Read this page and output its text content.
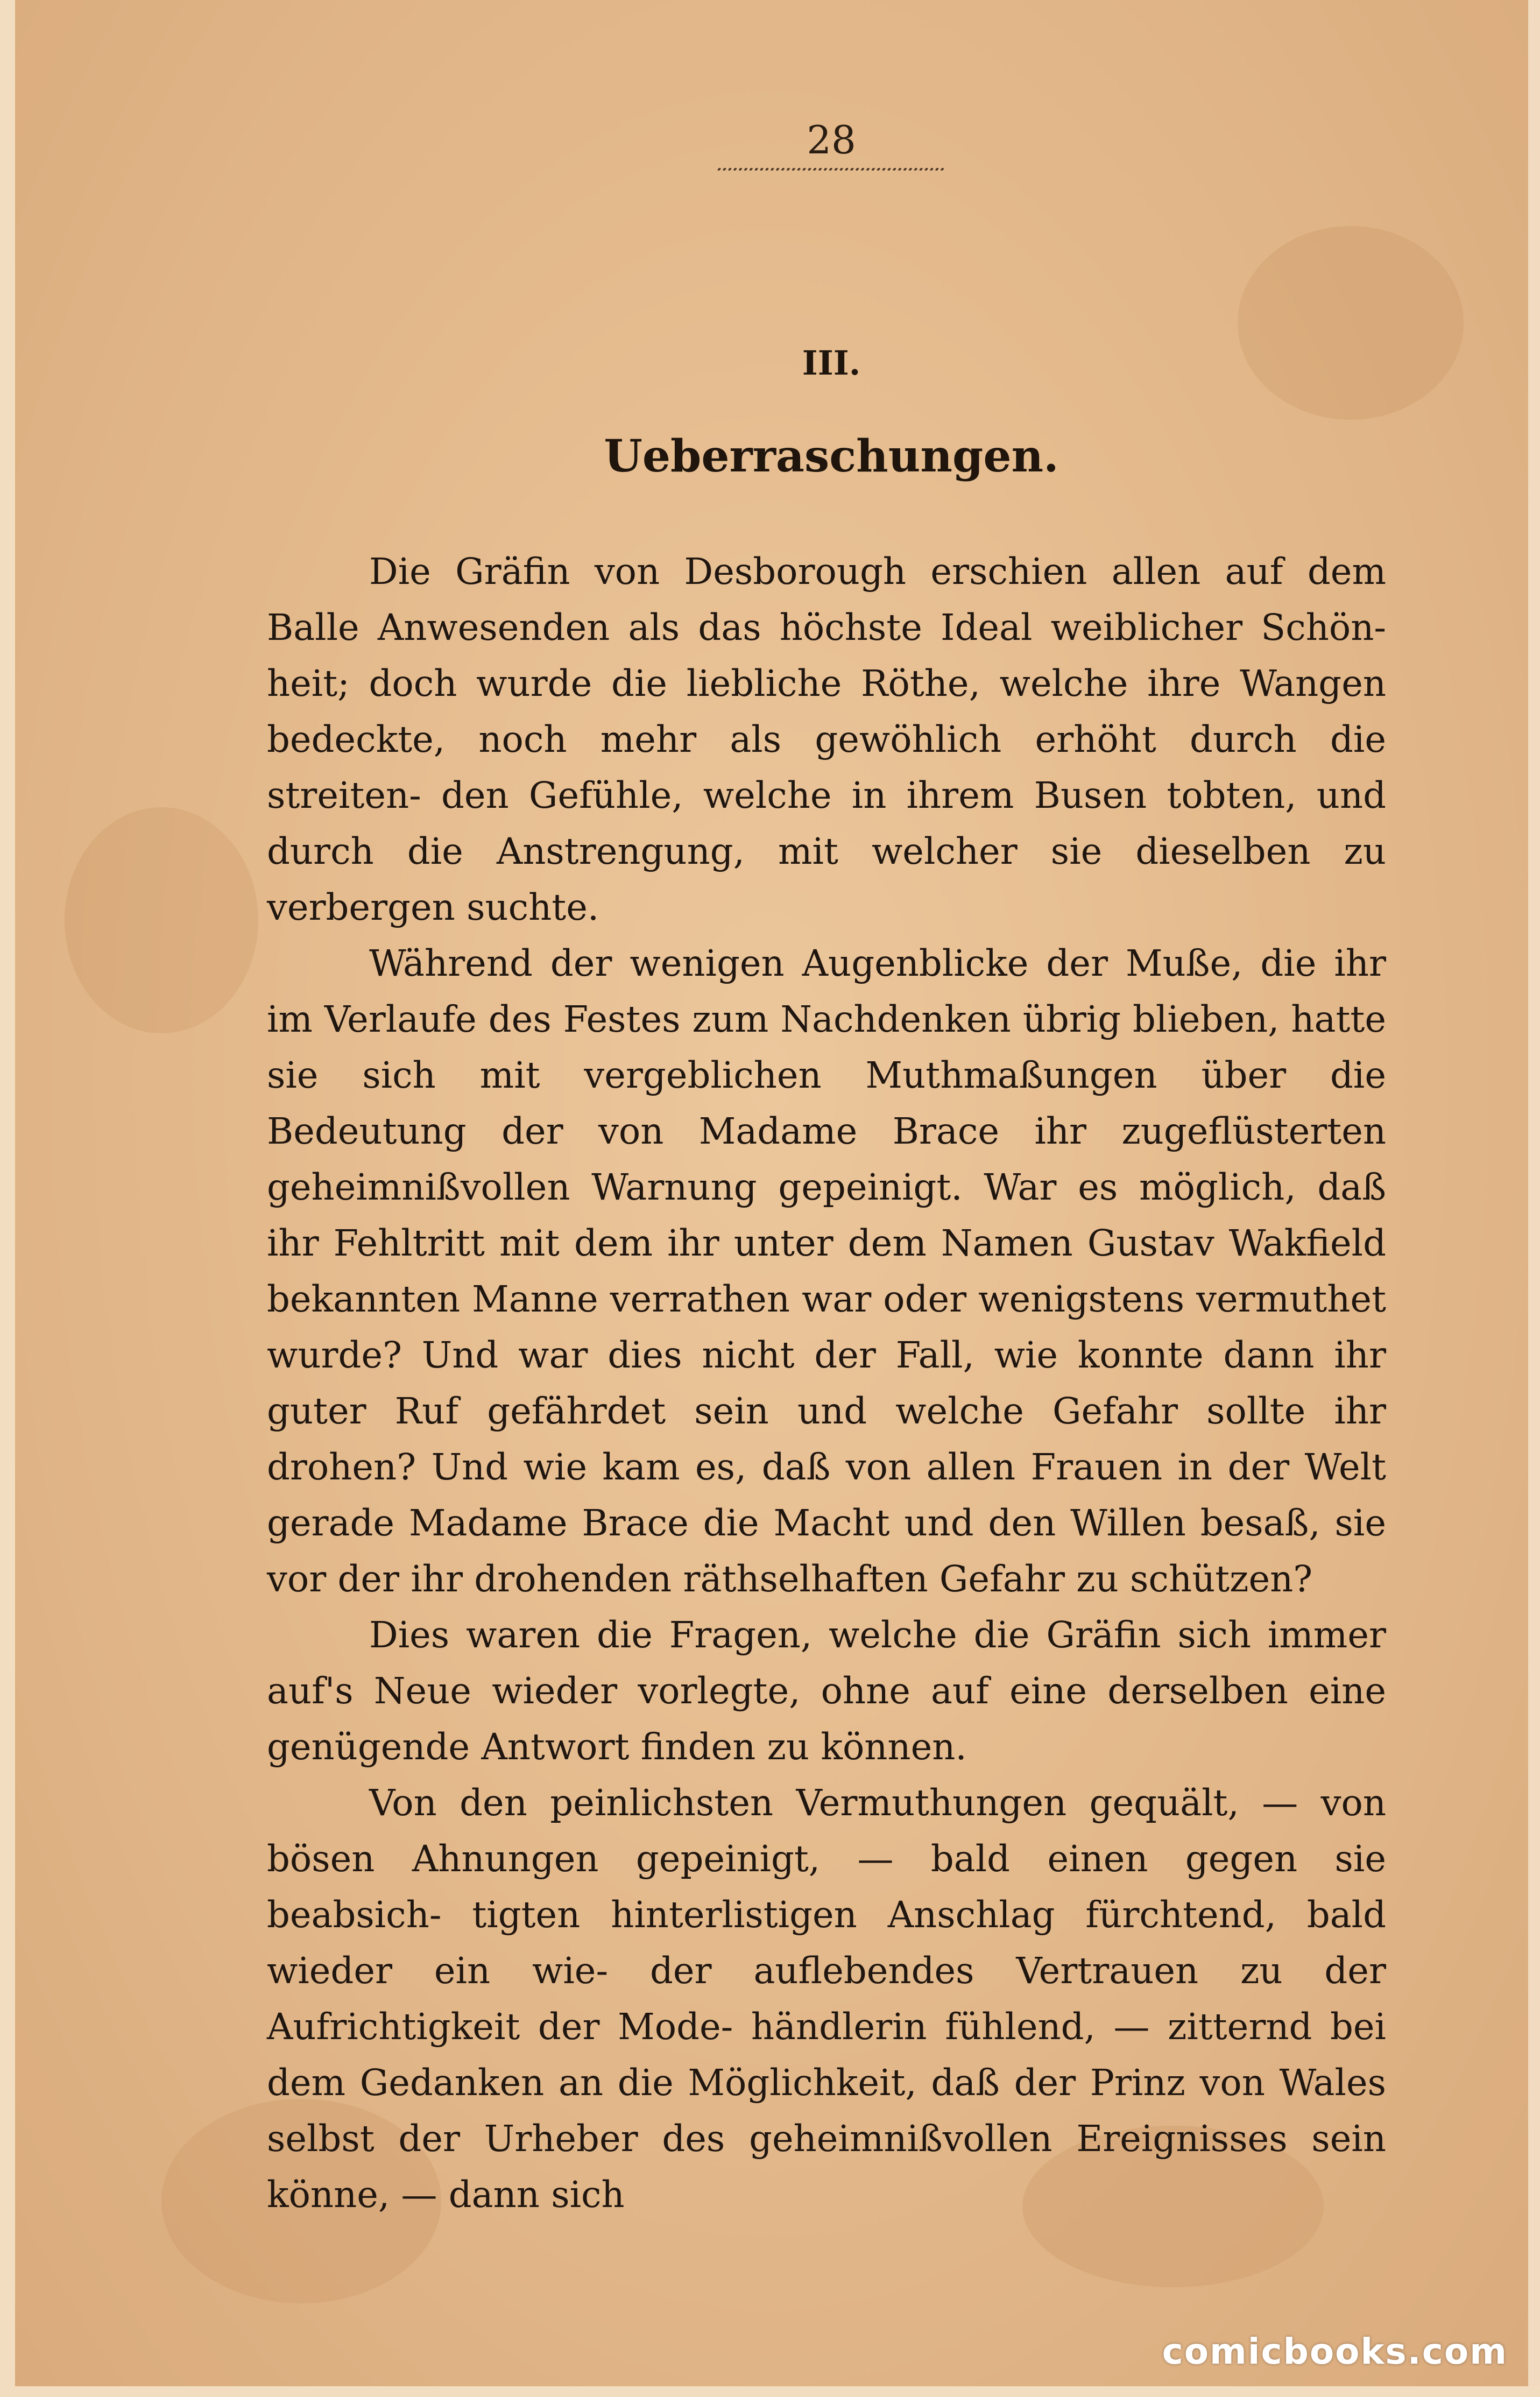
28
III.
Ueberraschungen.

Die Gräfin von Desborough erschien allen auf dem Balle Anwesenden als das höchste Ideal weiblicher Schön- heit; doch wurde die liebliche Röthe, welche ihre Wangen bedeckte, noch mehr als gewöhlich erhöht durch die streiten- den Gefühle, welche in ihrem Busen tobten, und durch die Anstrengung, mit welcher sie dieselben zu verbergen suchte.

Während der wenigen Augenblicke der Muße, die ihr im Verlaufe des Festes zum Nachdenken übrig blieben, hatte sie sich mit vergeblichen Muthmaßungen über die Bedeutung der von Madame Brace ihr zugeflüsterten geheimnißvollen Warnung gepeinigt. War es möglich, daß ihr Fehltritt mit dem ihr unter dem Namen Gustav Wakfield bekannten Manne verrathen war oder wenigstens vermuthet wurde? Und war dies nicht der Fall, wie konnte dann ihr guter Ruf gefährdet sein und welche Gefahr sollte ihr drohen? Und wie kam es, daß von allen Frauen in der Welt gerade Madame Brace die Macht und den Willen besaß, sie vor der ihr drohenden räthselhaften Gefahr zu schützen?

Dies waren die Fragen, welche die Gräfin sich immer auf's Neue wieder vorlegte, ohne auf eine derselben eine genügende Antwort finden zu können.

Von den peinlichsten Vermuthungen gequält, — von bösen Ahnungen gepeinigt, — bald einen gegen sie beabsich- tigten hinterlistigen Anschlag fürchtend, bald wieder ein wie- der auflebendes Vertrauen zu der Aufrichtigkeit der Mode- händlerin fühlend, — zitternd bei dem Gedanken an die Möglichkeit, daß der Prinz von Wales selbst der Urheber des geheimnißvollen Ereignisses sein könne, — dann sich

comicbooks.com
